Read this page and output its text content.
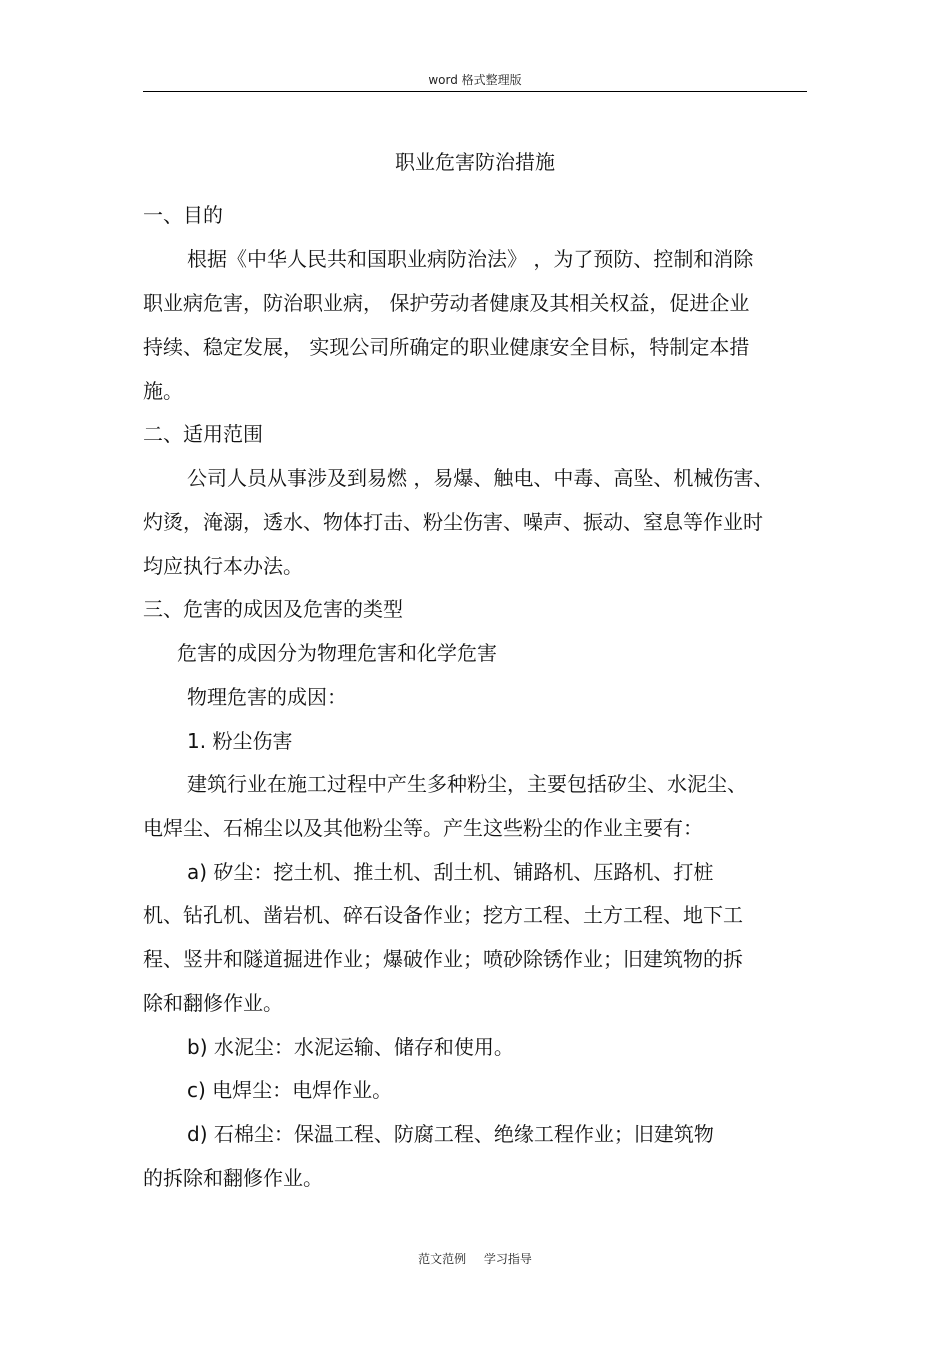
word 格式整理版
职业危害防治措施
一、目的
根据《中华人民共和国职业病防治法》 ，为了预防、控制和消除
职业病危害，防治职业病， 保护劳动者健康及其相关权益，促进企业
持续、稳定发展， 实现公司所确定的职业健康安全目标，特制定本措
施。
二、适用范围
公司人员从事涉及到易燃 ，易爆、触电、中毒、高坠、机械伤害、
灼烫，淹溺，透水、物体打击、粉尘伤害、噪声、振动、窒息等作业时
均应执行本办法。
三、危害的成因及危害的类型
危害的成因分为物理危害和化学危害
物理危害的成因：
1. 粉尘伤害
建筑行业在施工过程中产生多种粉尘，主要包括矽尘、水泥尘、
电焊尘、石棉尘以及其他粉尘等。产生这些粉尘的作业主要有：
a) 矽尘：挖土机、推土机、刮土机、铺路机、压路机、打桩
机、钻孔机、凿岩机、碎石设备作业；挖方工程、土方工程、地下工
程、竖井和隧道掘进作业；爆破作业；喷砂除锈作业；旧建筑物的拆
除和翻修作业。
b) 水泥尘：水泥运输、储存和使用。
c) 电焊尘：电焊作业。
d) 石棉尘：保温工程、防腐工程、绝缘工程作业；旧建筑物
的拆除和翻修作业。
范文范例 学习指导
